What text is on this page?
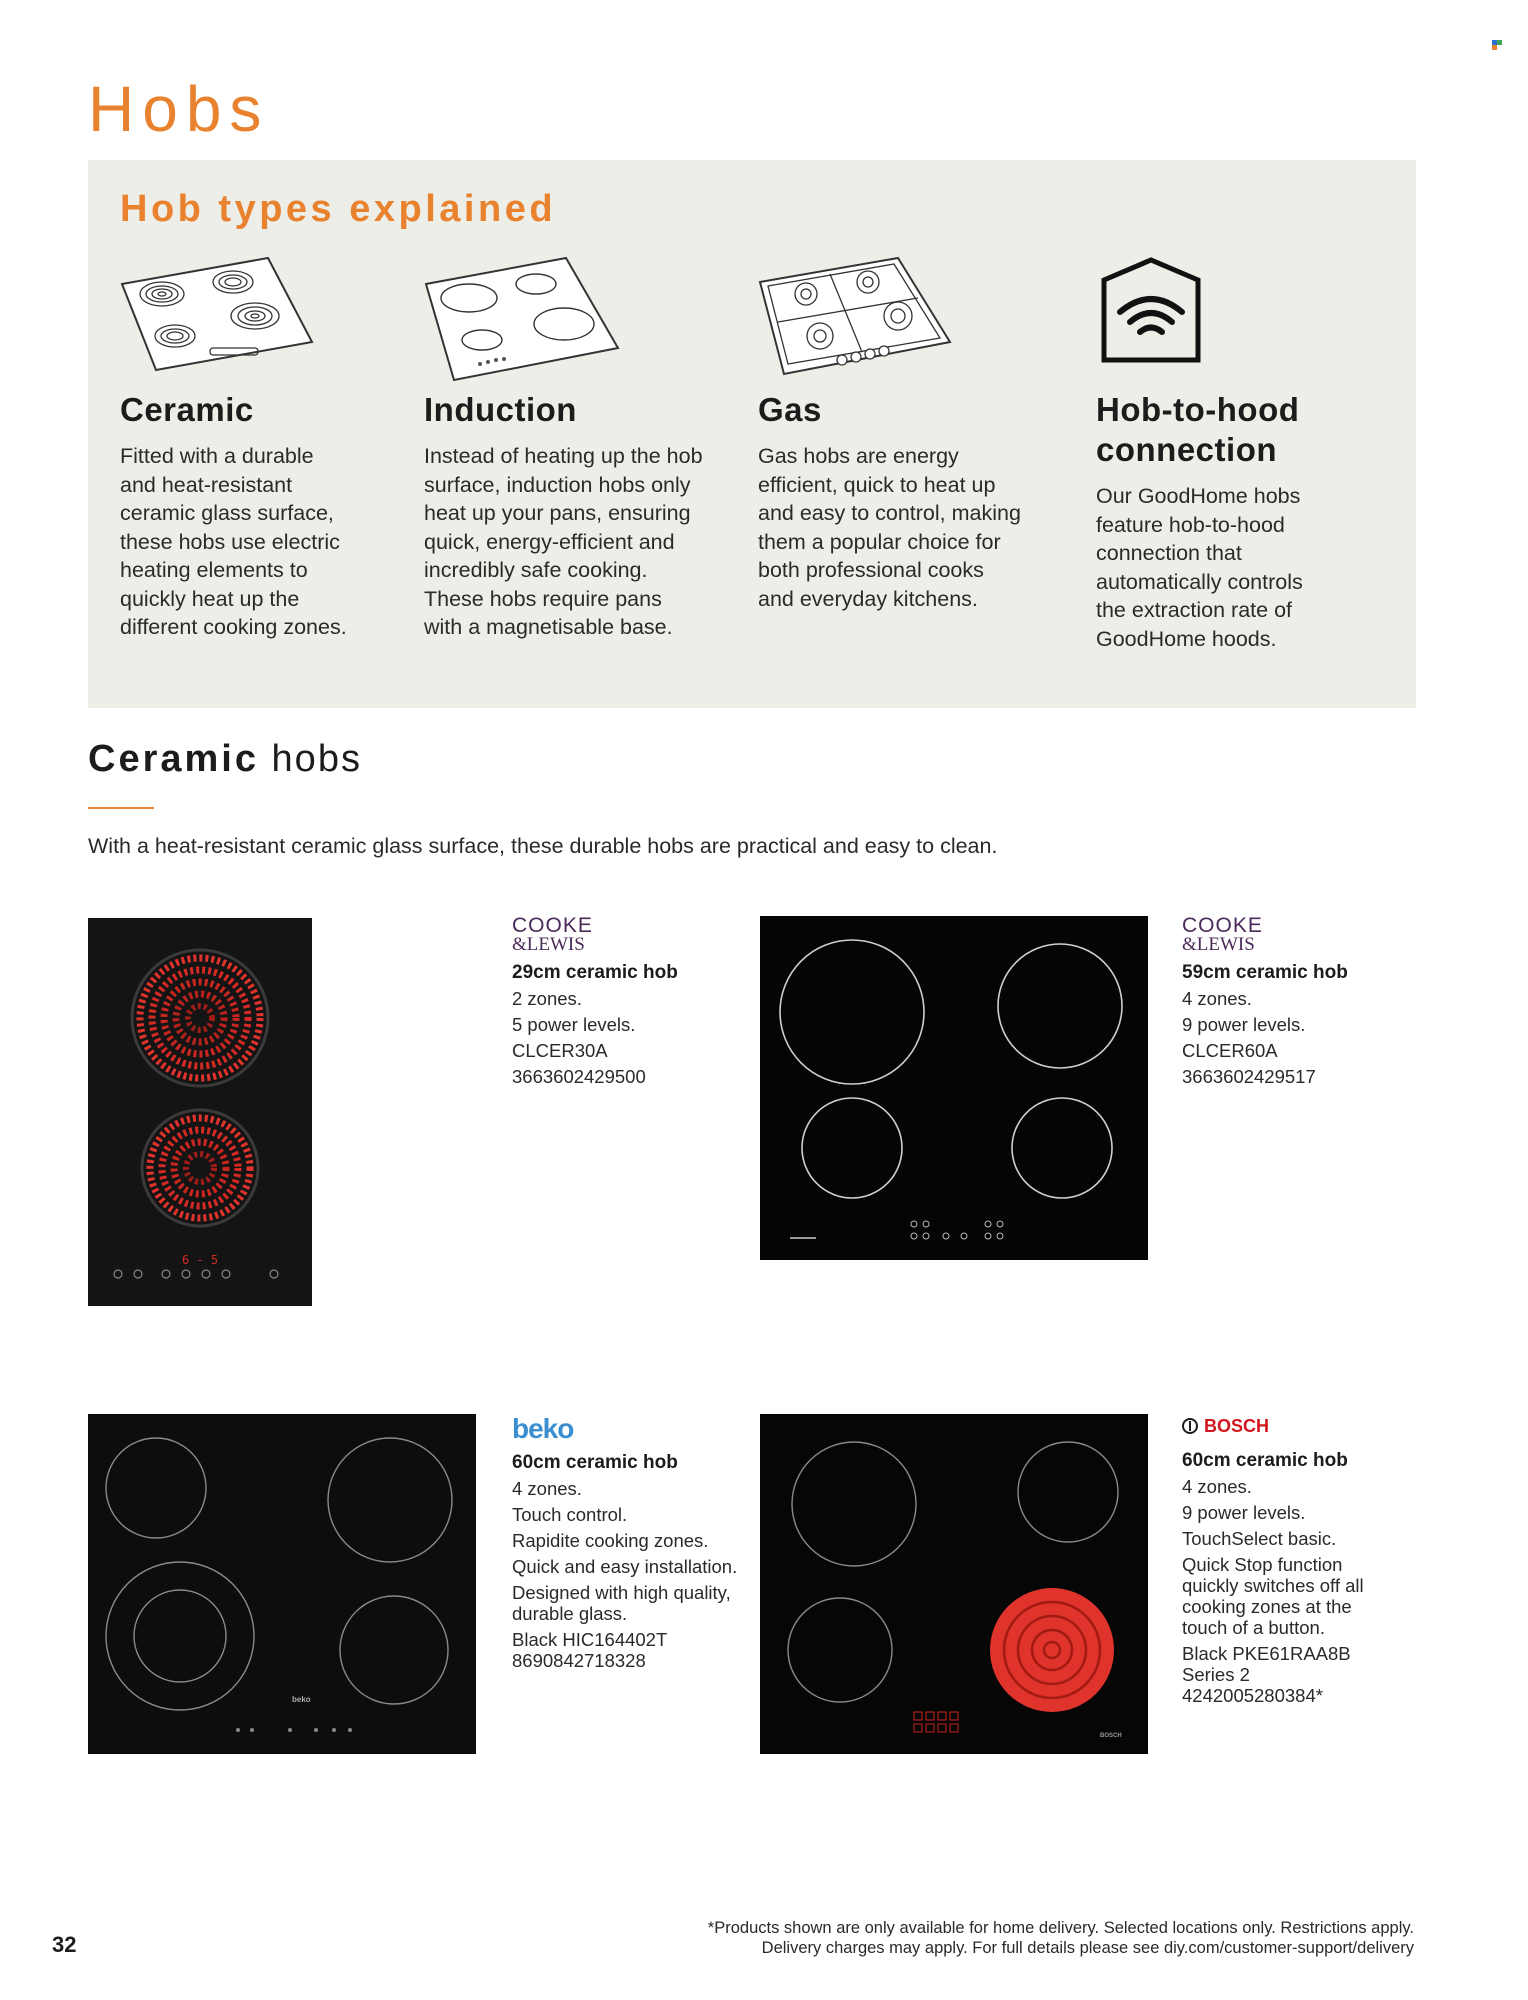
Hobs
Hob types explained

Ceramic

Fitted with a durable

and heat-resistant

ceramic glass surface,

these hobs use electric

heating elements to

quickly heat up the

different cooking zones.

Induction

Instead of heating up the hob

surface, induction hobs only

heat up your pans, ensuring

quick, energy-efficient and

incredibly safe cooking.

These hobs require pans

with a magnetisable base.

Gas

Gas hobs are energy

efficient, quick to heat up

and easy to control, making

them a popular choice for

both professional cooks

and everyday kitchens.

Hob-to-hood

connection

Our GoodHome hobs

feature hob-to-hood

connection that

automatically controls

the extraction rate of

GoodHome hoods.

Ceramic hobs

With a heat-resistant ceramic glass surface, these durable hobs are practical and easy to clean.

6 - 5
COOKE
&LEWIS
29cm ceramic hob

2 zones.

5 power levels.

CLCER30A

3663602429500

COOKE
&LEWIS
59cm ceramic hob

4 zones.

9 power levels.

CLCER60A

3663602429517

beko
beko
60cm ceramic hob

4 zones.

Touch control.

Rapidite cooking zones.

Quick and easy installation.

Designed with high quality,

durable glass.

Black HIC164402T

8690842718328

BOSCH
BOSCH
60cm ceramic hob

4 zones.

9 power levels.

TouchSelect basic.

Quick Stop function

quickly switches off all

cooking zones at the

touch of a button.

Black PKE61RAA8B

Series 2

4242005280384*

32

*Products shown are only available for home delivery. Selected locations only. Restrictions apply.

Delivery charges may apply. For full details please see diy.com/customer-support/delivery
